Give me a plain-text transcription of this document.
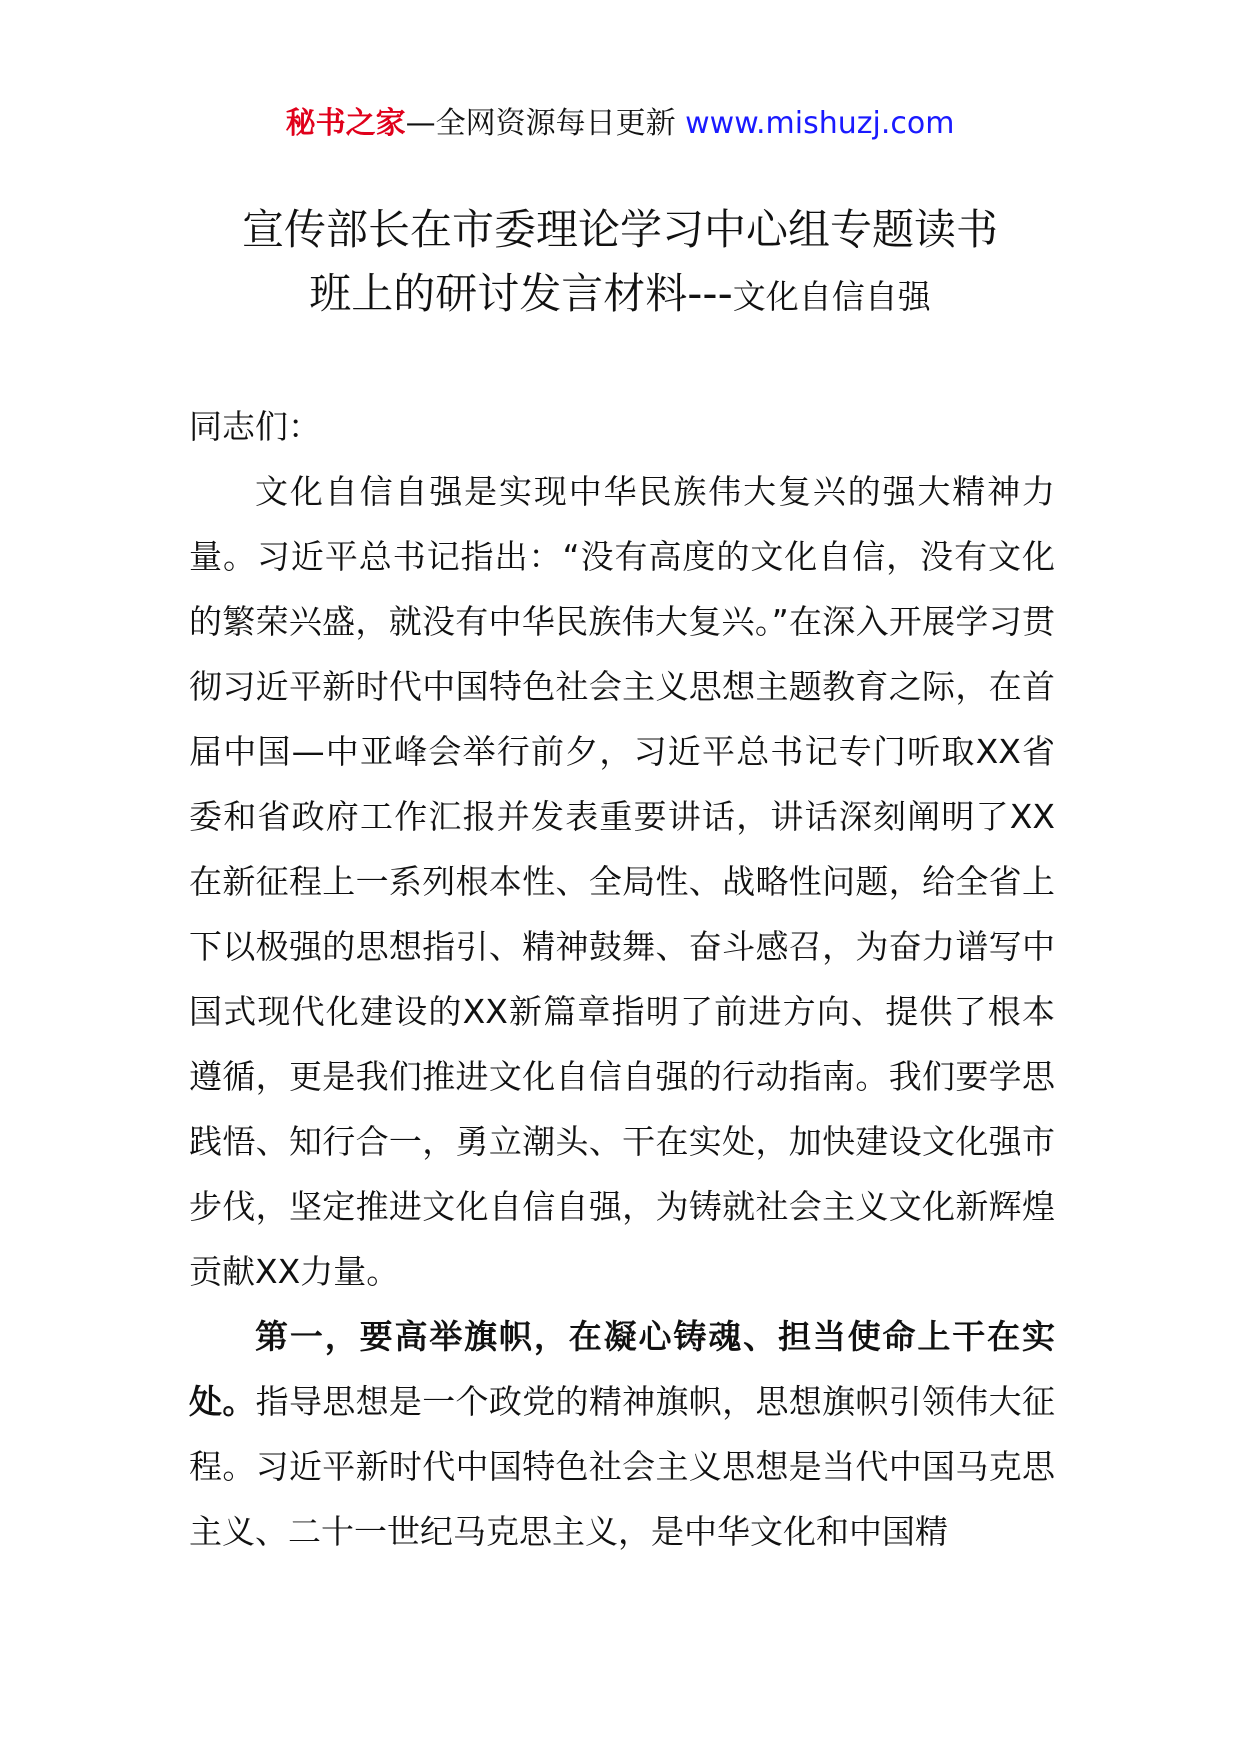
秘书之家—全网资源每日更新 www.mishuzj.com
宣传部长在市委理论学习中心组专题读书
班上的研讨发言材料---文化自信自强

同志们：

文化自信自强是实现中华民族伟大复兴的强大精神力量。习近平总书记指出：“没有高度的文化自信，没有文化的繁荣兴盛，就没有中华民族伟大复兴。”在深入开展学习贯彻习近平新时代中国特色社会主义思想主题教育之际，在首届中国—中亚峰会举行前夕，习近平总书记专门听取XX省委和省政府工作汇报并发表重要讲话，讲话深刻阐明了XX在新征程上一系列根本性、全局性、战略性问题，给全省上下以极强的思想指引、精神鼓舞、奋斗感召，为奋力谱写中国式现代化建设的XX新篇章指明了前进方向、提供了根本遵循，更是我们推进文化自信自强的行动指南。我们要学思践悟、知行合一，勇立潮头、干在实处，加快建设文化强市步伐，坚定推进文化自信自强，为铸就社会主义文化新辉煌贡献XX力量。

第一，要高举旗帜，在凝心铸魂、担当使命上干在实处。指导思想是一个政党的精神旗帜，思想旗帜引领伟大征程。习近平新时代中国特色社会主义思想是当代中国马克思主义、二十一世纪马克思主义，是中华文化和中国精
